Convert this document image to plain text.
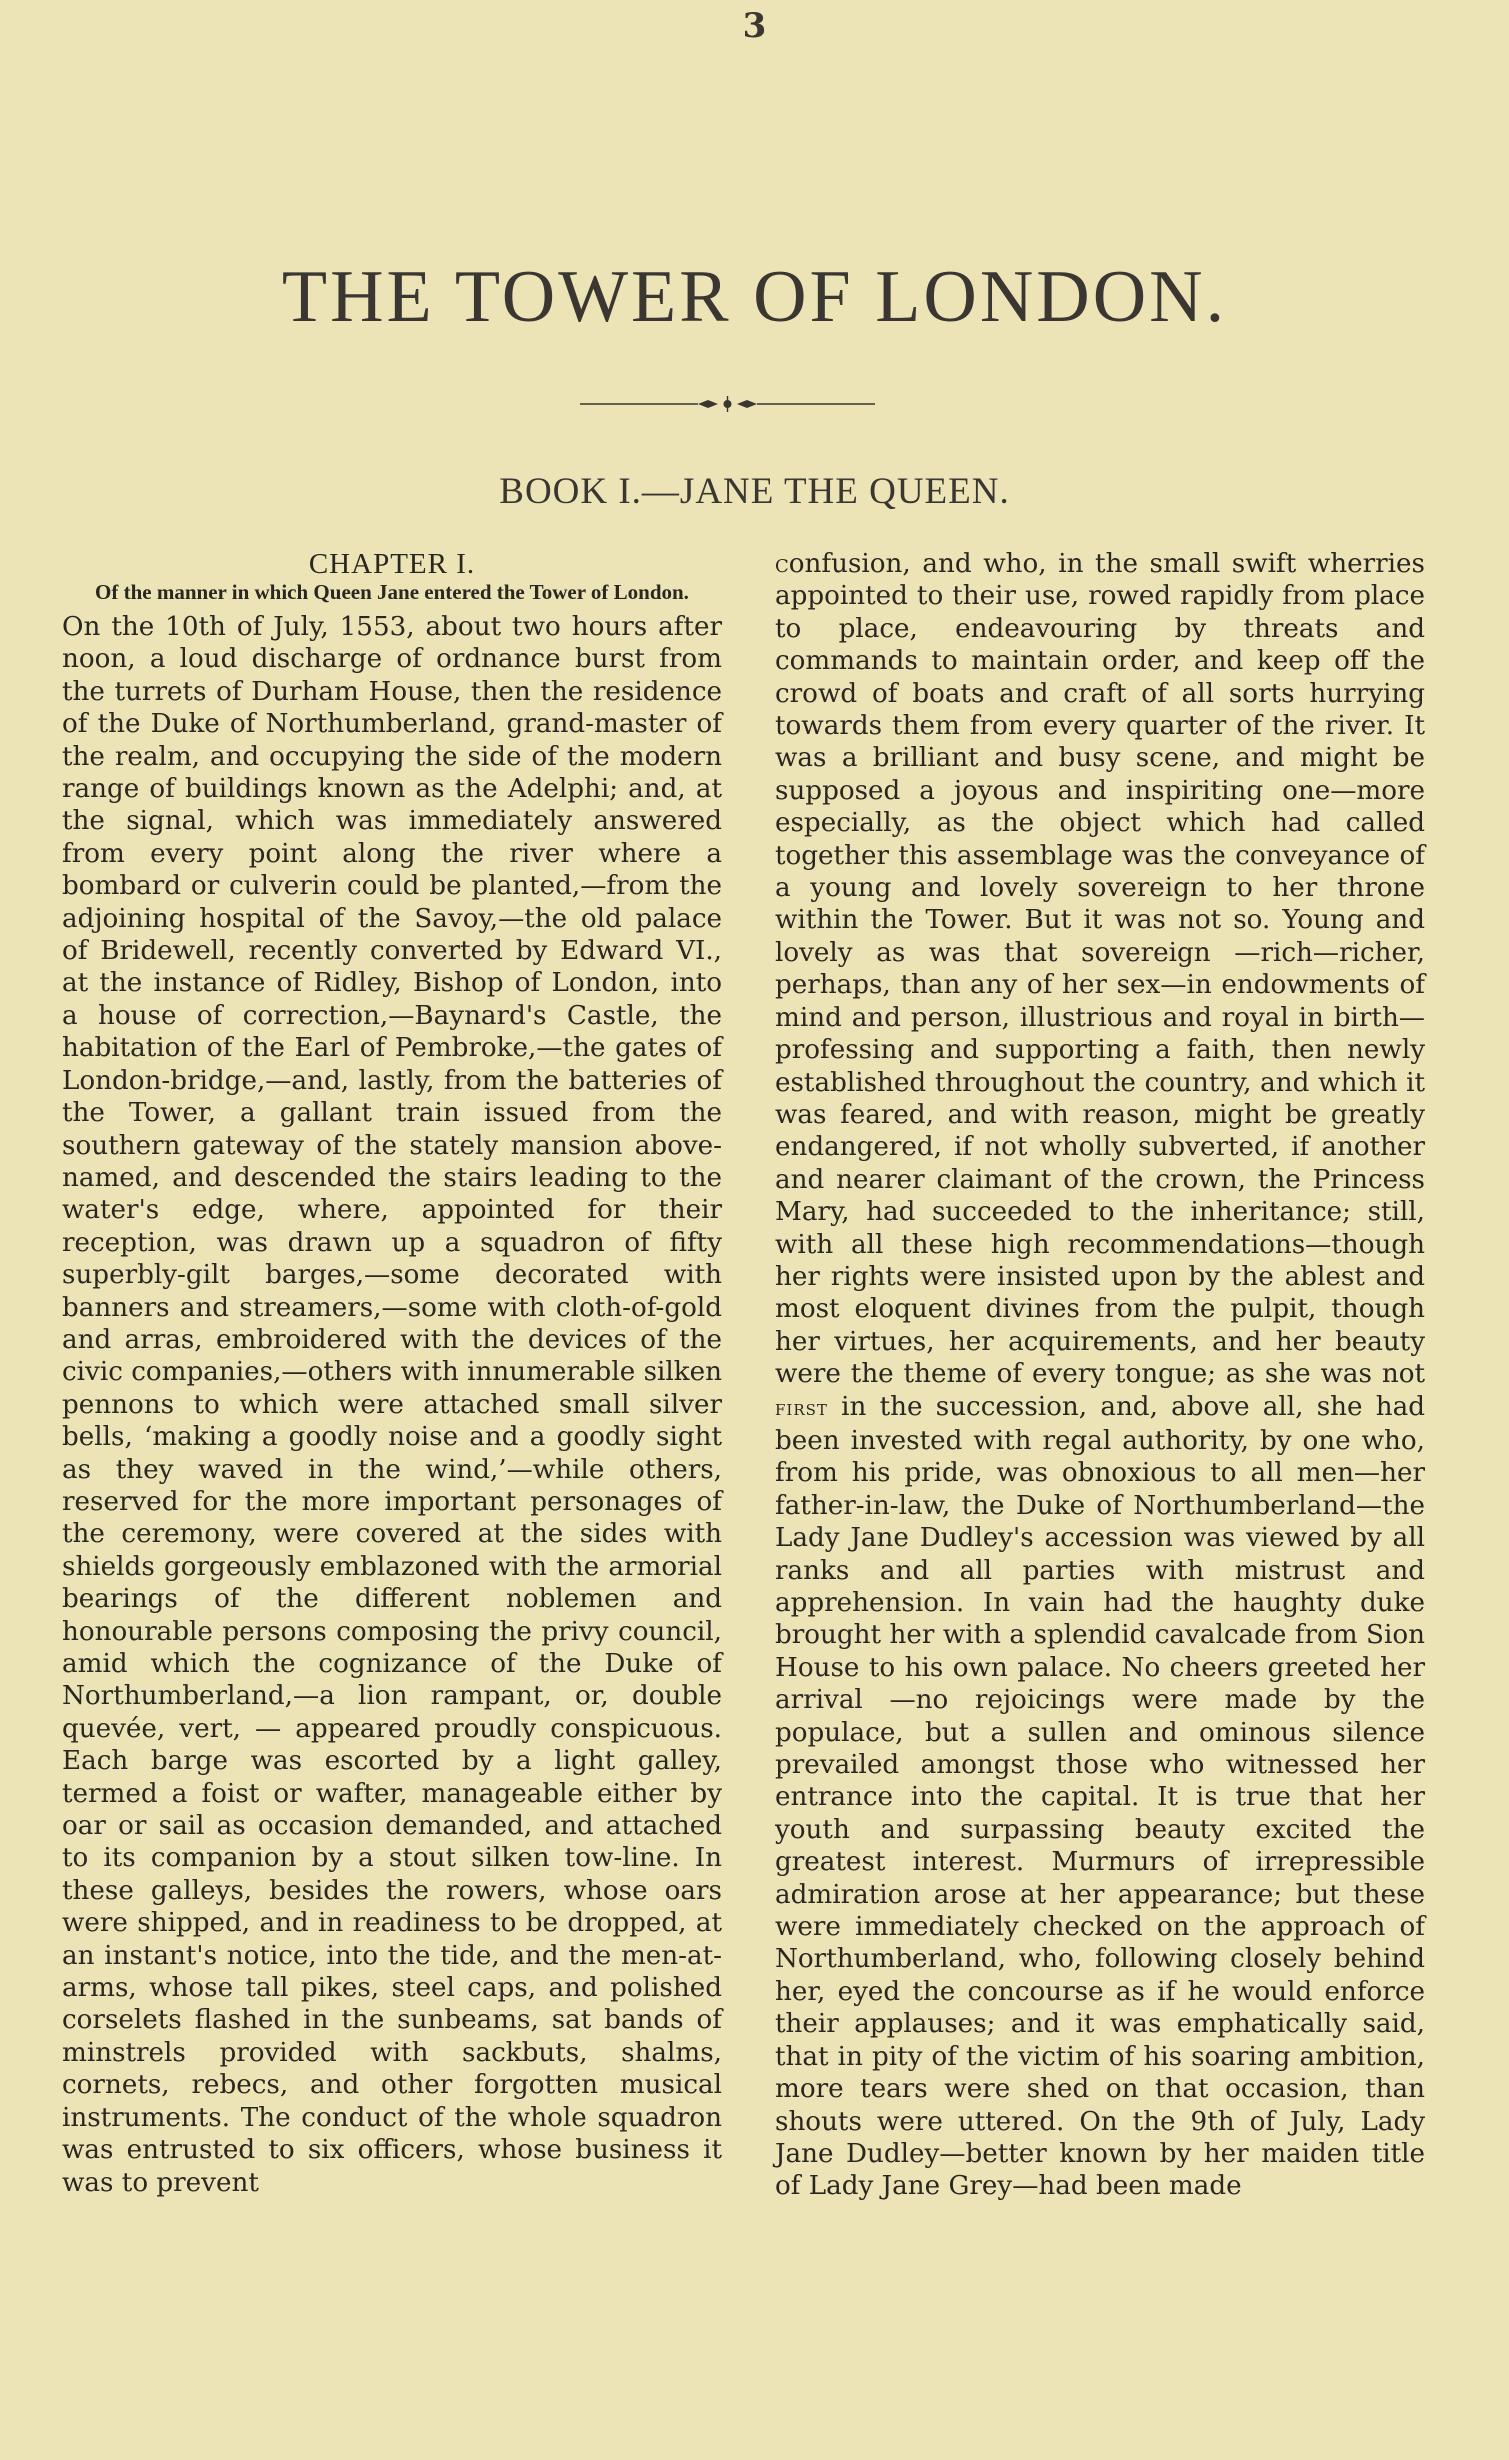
3
THE TOWER OF LONDON.
BOOK I.—JANE THE QUEEN.
CHAPTER I.
Of the manner in which Queen Jane entered the Tower of London.

On the 10th of July, 1553, about two hours after noon, a loud discharge of ordnance burst from the turrets of Durham House, then the residence of the Duke of Northumberland, grand-master of the realm, and occupying the side of the modern range of buildings known as the Adelphi; and, at the signal, which was immediately answered from every point along the river where a bombard or culverin could be planted,—from the adjoining hospital of the Savoy,—the old palace of Bridewell, recently converted by Edward VI., at the instance of Ridley, Bishop of London, into a house of correction,—Baynard's Castle, the habitation of the Earl of Pembroke,—the gates of London-bridge,—and, lastly, from the batteries of the Tower, a gallant train issued from the southern gateway of the stately mansion above-named, and descended the stairs leading to the water's edge, where, appointed for their reception, was drawn up a squadron of fifty superbly-gilt barges,—some decorated with banners and streamers,—some with cloth-of-gold and arras, embroidered with the devices of the civic companies,—others with innumerable silken pennons to which were attached small silver bells, ‘making a goodly noise and a goodly sight as they waved in the wind,’—while others, reserved for the more important personages of the ceremony, were covered at the sides with shields gorgeously emblazoned with the armorial bearings of the different noblemen and honourable persons composing the privy council, amid which the cognizance of the Duke of Northumberland,—a lion rampant, or, double quevée, vert, — appeared proudly conspicuous. Each barge was escorted by a light galley, termed a foist or wafter, manageable either by oar or sail as occasion demanded, and attached to its companion by a stout silken tow-line. In these galleys, besides the rowers, whose oars were shipped, and in readiness to be dropped, at an instant's notice, into the tide, and the men-at-arms, whose tall pikes, steel caps, and polished corselets flashed in the sunbeams, sat bands of minstrels provided with sackbuts, shalms, cornets, rebecs, and other forgotten musical instruments. The conduct of the whole squadron was entrusted to six officers, whose business it was to prevent

confusion, and who, in the small swift wherries appointed to their use, rowed rapidly from place to place, endeavouring by threats and commands to maintain order, and keep off the crowd of boats and craft of all sorts hurrying towards them from every quarter of the river. It was a brilliant and busy scene, and might be supposed a joyous and inspiriting one—more especially, as the object which had called together this assemblage was the conveyance of a young and lovely sovereign to her throne within the Tower. But it was not so. Young and lovely as was that sovereign —rich—richer, perhaps, than any of her sex—in endowments of mind and person, illustrious and royal in birth—professing and supporting a faith, then newly established throughout the country, and which it was feared, and with reason, might be greatly endangered, if not wholly subverted, if another and nearer claimant of the crown, the Princess Mary, had succeeded to the inheritance; still, with all these high recommendations—though her rights were insisted upon by the ablest and most eloquent divines from the pulpit, though her virtues, her acquirements, and her beauty were the theme of every tongue; as she was not first in the succession, and, above all, she had been invested with regal authority, by one who, from his pride, was obnoxious to all men—her father-in-law, the Duke of Northumberland—the Lady Jane Dudley's accession was viewed by all ranks and all parties with mistrust and apprehension. In vain had the haughty duke brought her with a splendid cavalcade from Sion House to his own palace. No cheers greeted her arrival —no rejoicings were made by the populace, but a sullen and ominous silence prevailed amongst those who witnessed her entrance into the capital. It is true that her youth and surpassing beauty excited the greatest interest. Murmurs of irrepressible admiration arose at her appearance; but these were immediately checked on the approach of Northumberland, who, following closely behind her, eyed the concourse as if he would enforce their applauses; and it was emphatically said, that in pity of the victim of his soaring ambition, more tears were shed on that occasion, than shouts were uttered. On the 9th of July, Lady Jane Dudley—better known by her maiden title of Lady Jane Grey—had been made
